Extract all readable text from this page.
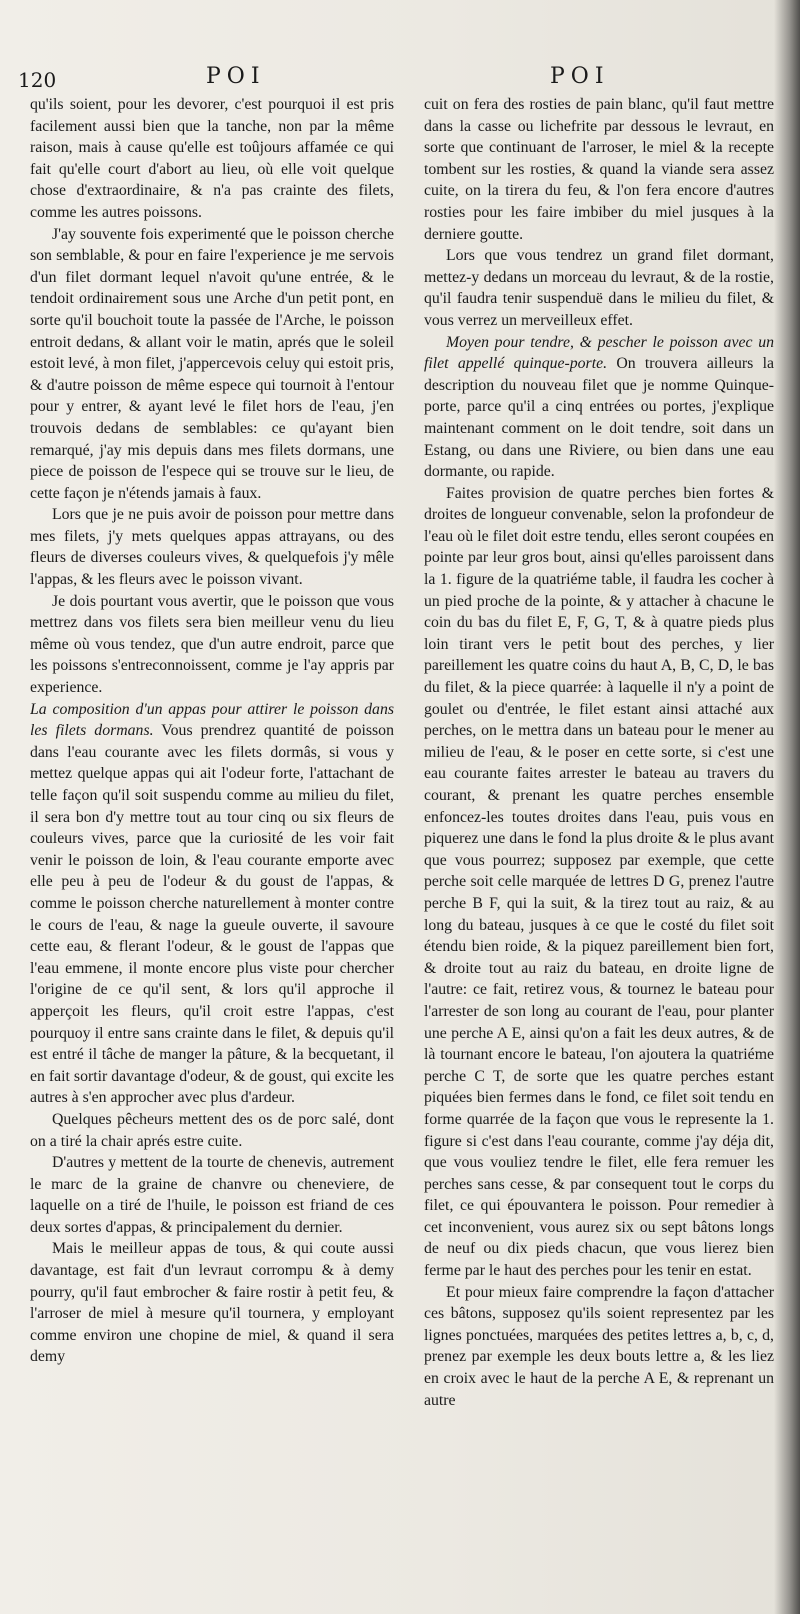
120	POI	POI

qu'ils soient, pour les devorer, c'est pourquoi il est pris facilement aussi bien que la tanche, non par la même raison, mais à cause qu'elle est toûjours affamée ce qui fait qu'elle court d'abort au lieu, où elle voit quelque chose d'extraordinaire, & n'a pas crainte des filets, comme les autres poissons.

J'ay souvente fois experimenté que le poisson cherche son semblable, & pour en faire l'experience je me servois d'un filet dormant lequel n'avoit qu'une entrée, & le tendoit ordinairement sous une Arche d'un petit pont, en sorte qu'il bouchoit toute la passée de l'Arche, le poisson entroit dedans, & allant voir le matin, aprés que le soleil estoit levé, à mon filet, j'appercevois celuy qui estoit pris, & d'autre poisson de même espece qui tournoit à l'entour pour y entrer, & ayant levé le filet hors de l'eau, j'en trouvois dedans de semblables: ce qu'ayant bien remarqué, j'ay mis depuis dans mes filets dormans, une piece de poisson de l'espece qui se trouve sur le lieu, de cette façon je n'étends jamais à faux.

Lors que je ne puis avoir de poisson pour mettre dans mes filets, j'y mets quelques appas attrayans, ou des fleurs de diverses couleurs vives, & quelquefois j'y mêle l'appas, & les fleurs avec le poisson vivant.

Je dois pourtant vous avertir, que le poisson que vous mettrez dans vos filets sera bien meilleur venu du lieu même où vous tendez, que d'un autre endroit, parce que les poissons s'entreconnoissent, comme je l'ay appris par experience.

La composition d'un appas pour attirer le poisson dans les filets dormans. Vous prendrez quantité de poisson dans l'eau courante avec les filets dormâs, si vous y mettez quelque appas qui ait l'odeur forte, l'attachant de telle façon qu'il soit suspendu comme au milieu du filet, il sera bon d'y mettre tout au tour cinq ou six fleurs de couleurs vives, parce que la curiosité de les voir fait venir le poisson de loin, & l'eau courante emporte avec elle peu à peu de l'odeur & du goust de l'appas, & comme le poisson cherche naturellement à monter contre le cours de l'eau, & nage la gueule ouverte, il savoure cette eau, & flerant l'odeur, & le goust de l'appas que l'eau emmene, il monte encore plus viste pour chercher l'origine de ce qu'il sent, & lors qu'il approche il apperçoit les fleurs, qu'il croit estre l'appas, c'est pourquoy il entre sans crainte dans le filet, & depuis qu'il est entré il tâche de manger la pâture, & la becquetant, il en fait sortir davantage d'odeur, & de goust, qui excite les autres à s'en approcher avec plus d'ardeur.

Quelques pêcheurs mettent des os de porc salé, dont on a tiré la chair aprés estre cuite.

D'autres y mettent de la tourte de chenevis, autrement le marc de la graine de chanvre ou cheneviere, de laquelle on a tiré de l'huile, le poisson est friand de ces deux sortes d'appas, & principalement du dernier.

Mais le meilleur appas de tous, & qui coute aussi davantage, est fait d'un levraut corrompu & à demy pourry, qu'il faut embrocher & faire rostir à petit feu, & l'arroser de miel à mesure qu'il tournera, y employant comme environ une chopine de miel, & quand il sera demy

cuit on fera des rosties de pain blanc, qu'il faut mettre dans la casse ou lichefrite par dessous le levraut, en sorte que continuant de l'arroser, le miel & la recepte tombent sur les rosties, & quand la viande sera assez cuite, on la tirera du feu, & l'on fera encore d'autres rosties pour les faire imbiber du miel jusques à la derniere goutte.

Lors que vous tendrez un grand filet dormant, mettez-y dedans un morceau du levraut, & de la rostie, qu'il faudra tenir suspenduë dans le milieu du filet, & vous verrez un merveilleux effet.

Moyen pour tendre, & pescher le poisson avec un filet appellé quinque-porte. On trouvera ailleurs la description du nouveau filet que je nomme Quinque-porte, parce qu'il a cinq entrées ou portes, j'explique maintenant comment on le doit tendre, soit dans un Estang, ou dans une Riviere, ou bien dans une eau dormante, ou rapide.

Faites provision de quatre perches bien fortes & droites de longueur convenable, selon la profondeur de l'eau où le filet doit estre tendu, elles seront coupées en pointe par leur gros bout, ainsi qu'elles paroissent dans la 1. figure de la quatriéme table, il faudra les cocher à un pied proche de la pointe, & y attacher à chacune le coin du bas du filet E, F, G, T, & à quatre pieds plus loin tirant vers le petit bout des perches, y lier pareillement les quatre coins du haut A, B, C, D, le bas du filet, & la piece quarrée: à laquelle il n'y a point de goulet ou d'entrée, le filet estant ainsi attaché aux perches, on le mettra dans un bateau pour le mener au milieu de l'eau, & le poser en cette sorte, si c'est une eau courante faites arrester le bateau au travers du courant, & prenant les quatre perches ensemble enfoncez-les toutes droites dans l'eau, puis vous en piquerez une dans le fond la plus droite & le plus avant que vous pourrez; supposez par exemple, que cette perche soit celle marquée de lettres D G, prenez l'autre perche B F, qui la suit, & la tirez tout au raiz, & au long du bateau, jusques à ce que le costé du filet soit étendu bien roide, & la piquez pareillement bien fort, & droite tout au raiz du bateau, en droite ligne de l'autre: ce fait, retirez vous, & tournez le bateau pour l'arrester de son long au courant de l'eau, pour planter une perche A E, ainsi qu'on a fait les deux autres, & de là tournant encore le bateau, l'on ajoutera la quatriéme perche C T, de sorte que les quatre perches estant piquées bien fermes dans le fond, ce filet soit tendu en forme quarrée de la façon que vous le represente la 1. figure si c'est dans l'eau courante, comme j'ay déja dit, que vous vouliez tendre le filet, elle fera remuer les perches sans cesse, & par consequent tout le corps du filet, ce qui épouvantera le poisson. Pour remedier à cet inconvenient, vous aurez six ou sept bâtons longs de neuf ou dix pieds chacun, que vous lierez bien ferme par le haut des perches pour les tenir en estat.

Et pour mieux faire comprendre la façon d'attacher ces bâtons, supposez qu'ils soient representez par les lignes ponctuées, marquées des petites lettres a, b, c, d, prenez par exemple les deux bouts lettre a, & les liez en croix avec le haut de la perche A E, & reprenant un autre
